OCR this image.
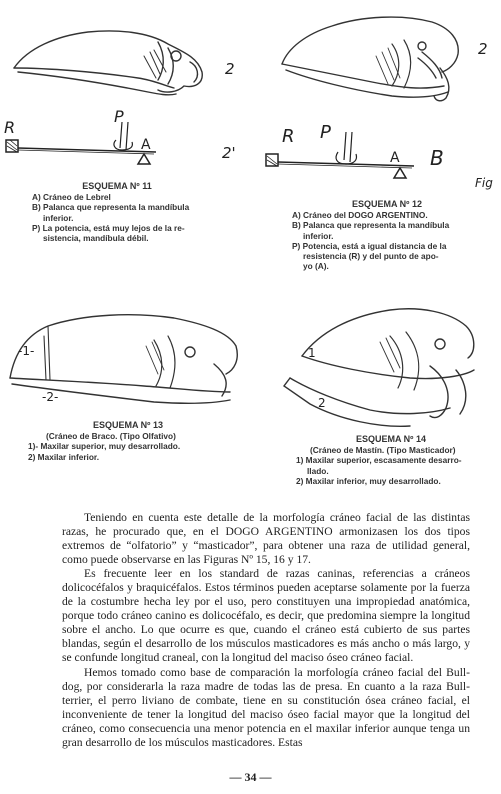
2
R
P
A	2'
ESQUEMA Nº 11
A) Cráneo de Lebrel
B) Palanca que representa la mandíbula
inferior.
P) La potencia, está muy lejos de la re-
sistencia, mandíbula débil.
2
R P
A B
Fig
ESQUEMA Nº 12
A) Cráneo del DOGO ARGENTINO.
B) Palanca que representa la mandíbula
inferior.
P) Potencia, está a igual distancia de la
resistencia (R) y del punto de apo-
yo (A).
-1-
-2-
ESQUEMA Nº 13
(Cráneo de Braco. (Tipo Olfativo)
1)- Maxilar superior, muy desarrollado.
2) Maxilar inferior.
1
2
ESQUEMA Nº 14
(Cráneo de Mastín. (Tipo Masticador)
1) Maxilar superior, escasamente desarro-
llado.
2) Maxilar inferior, muy desarrollado.

Teniendo en cuenta este detalle de la morfología cráneo facial de las distintas razas, he procurado que, en el DOGO ARGENTINO armonizasen los dos tipos extremos de “olfatorio” y “masticador”, para obtener una raza de utilidad general, como puede observarse en las Figuras Nº 15, 16 y 17.

Es frecuente leer en los standard de razas caninas, referencias a cráneos dolicocéfalos y braquicéfalos. Estos términos pueden aceptarse solamente por la fuerza de la costumbre hecha ley por el uso, pero constituyen una impropiedad anatómica, porque todo cráneo canino es dolicocéfalo, es decir, que predomina siempre la longitud sobre el ancho. Lo que ocurre es que, cuando el cráneo está cubierto de sus partes blandas, según el desarrollo de los músculos masticadores es más ancho o más largo, y se confunde longitud craneal, con la longitud del maciso óseo cráneo facial.

Hemos tomado como base de comparación la morfología cráneo facial del Bull-dog, por considerarla la raza madre de todas las de presa. En cuanto a la raza Bull-terrier, el perro liviano de combate, tiene en su constitución ósea cráneo facial, el inconveniente de tener la longitud del maciso óseo facial mayor que la longitud del cráneo, como consecuencia una menor potencia en el maxilar inferior aunque tenga un gran desarrollo de los músculos masticadores. Estas

— 34 —
